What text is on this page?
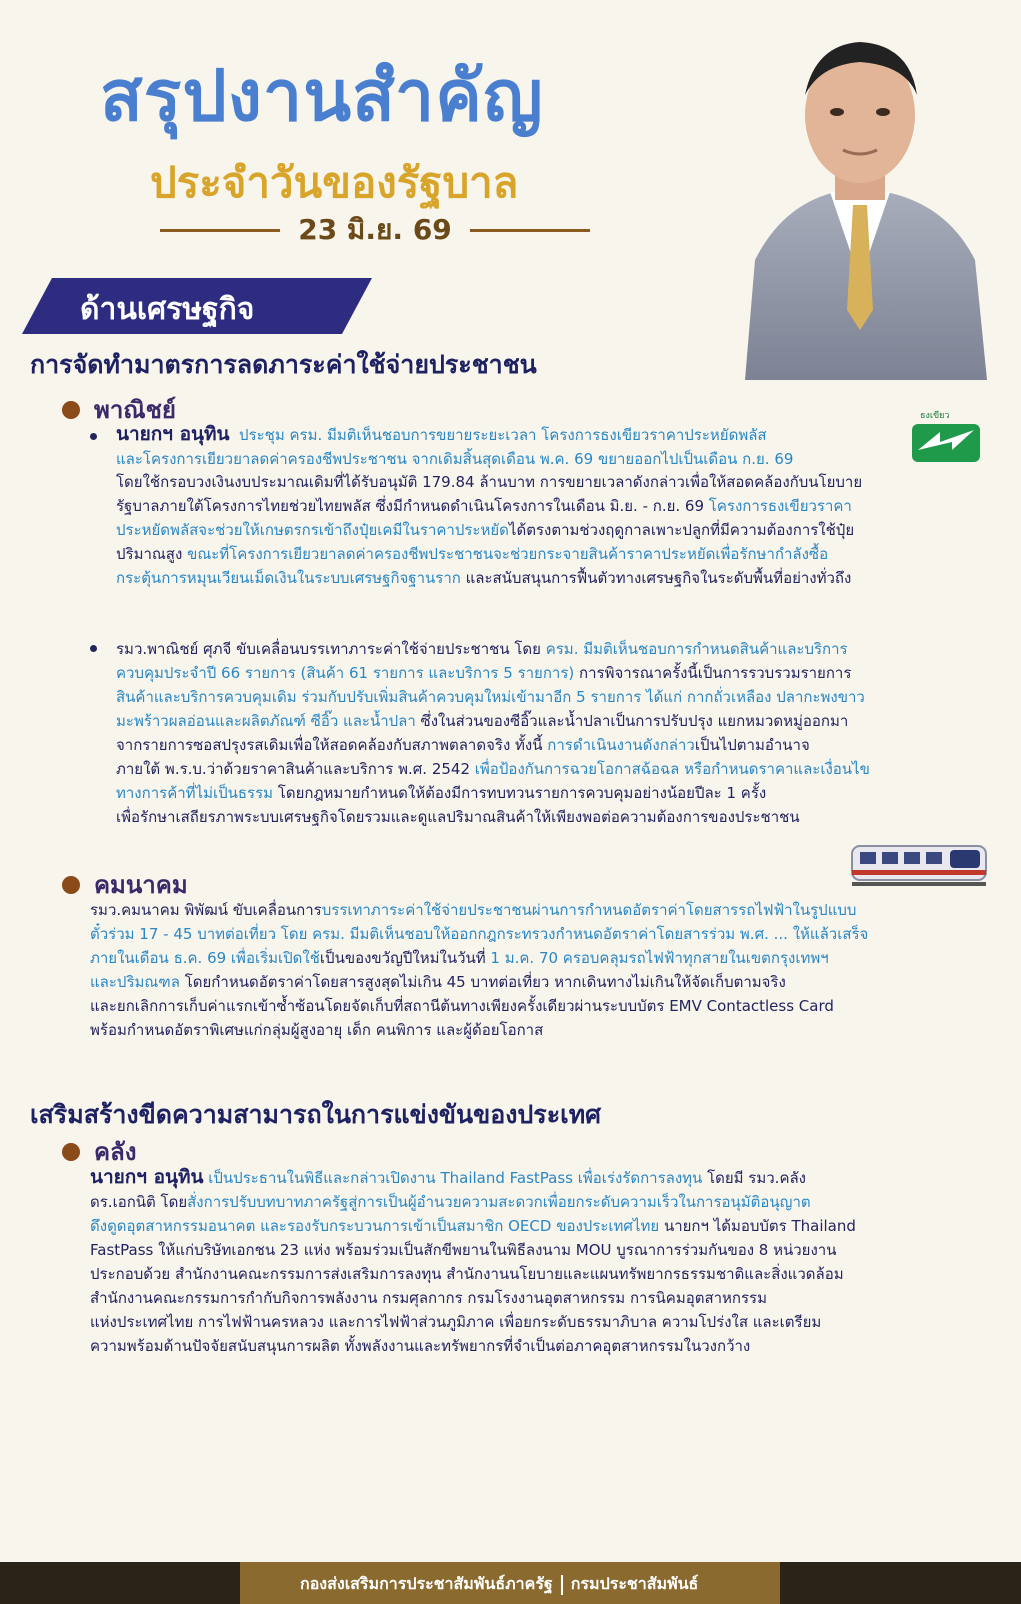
สรุปงานสำคัญ
ประจำวันของรัฐบาล
23 มิ.ย. 69
ด้านเศรษฐกิจ
การจัดทำมาตรการลดภาระค่าใช้จ่ายประชาชน
พาณิชย์	ธงเขียว
นายกฯ อนุทิน ประชุม ครม. มีมติเห็นชอบการขยายระยะเวลา โครงการธงเขียวราคาประหยัดพลัส
และโครงการเยียวยาลดค่าครองชีพประชาชน จากเดิมสิ้นสุดเดือน พ.ค. 69 ขยายออกไปเป็นเดือน ก.ย. 69
โดยใช้กรอบวงเงินงบประมาณเดิมที่ได้รับอนุมัติ 179.84 ล้านบาท การขยายเวลาดังกล่าวเพื่อให้สอดคล้องกับนโยบาย
รัฐบาลภายใต้โครงการไทยช่วยไทยพลัส ซึ่งมีกำหนดดำเนินโครงการในเดือน มิ.ย. - ก.ย. 69 โครงการธงเขียวราคา
ประหยัดพลัสจะช่วยให้เกษตรกรเข้าถึงปุ๋ยเคมีในราคาประหยัดได้ตรงตามช่วงฤดูกาลเพาะปลูกที่มีความต้องการใช้ปุ๋ย
ปริมาณสูง ขณะที่โครงการเยียวยาลดค่าครองชีพประชาชนจะช่วยกระจายสินค้าราคาประหยัดเพื่อรักษากำลังซื้อ
กระตุ้นการหมุนเวียนเม็ดเงินในระบบเศรษฐกิจฐานราก และสนับสนุนการฟื้นตัวทางเศรษฐกิจในระดับพื้นที่อย่างทั่วถึง
รมว.พาณิชย์ ศุภจี ขับเคลื่อนบรรเทาภาระค่าใช้จ่ายประชาชน โดย ครม. มีมติเห็นชอบการกำหนดสินค้าและบริการ
ควบคุมประจำปี 66 รายการ (สินค้า 61 รายการ และบริการ 5 รายการ) การพิจารณาครั้งนี้เป็นการรวบรวมรายการ
สินค้าและบริการควบคุมเดิม ร่วมกับปรับเพิ่มสินค้าควบคุมใหม่เข้ามาอีก 5 รายการ ได้แก่ กากถั่วเหลือง ปลากะพงขาว
มะพร้าวผลอ่อนและผลิตภัณฑ์ ซีอิ๊ว และน้ำปลา ซึ่งในส่วนของซีอิ๊วและน้ำปลาเป็นการปรับปรุง แยกหมวดหมู่ออกมา
จากรายการซอสปรุงรสเดิมเพื่อให้สอดคล้องกับสภาพตลาดจริง ทั้งนี้ การดำเนินงานดังกล่าวเป็นไปตามอำนาจ
ภายใต้ พ.ร.บ.ว่าด้วยราคาสินค้าและบริการ พ.ศ. 2542 เพื่อป้องกันการฉวยโอกาสฉ้อฉล หรือกำหนดราคาและเงื่อนไข
ทางการค้าที่ไม่เป็นธรรม โดยกฎหมายกำหนดให้ต้องมีการทบทวนรายการควบคุมอย่างน้อยปีละ 1 ครั้ง
เพื่อรักษาเสถียรภาพระบบเศรษฐกิจโดยรวมและดูแลปริมาณสินค้าให้เพียงพอต่อความต้องการของประชาชน
คมนาคม
รมว.คมนาคม พิพัฒน์ ขับเคลื่อนการบรรเทาภาระค่าใช้จ่ายประชาชนผ่านการกำหนดอัตราค่าโดยสารรถไฟฟ้าในรูปแบบ
ตั๋วร่วม 17 - 45 บาทต่อเที่ยว โดย ครม. มีมติเห็นชอบให้ออกกฎกระทรวงกำหนดอัตราค่าโดยสารร่วม พ.ศ. ... ให้แล้วเสร็จ
ภายในเดือน ธ.ค. 69 เพื่อเริ่มเปิดใช้เป็นของขวัญปีใหม่ในวันที่ 1 ม.ค. 70 ครอบคลุมรถไฟฟ้าทุกสายในเขตกรุงเทพฯ
และปริมณฑล โดยกำหนดอัตราค่าโดยสารสูงสุดไม่เกิน 45 บาทต่อเที่ยว หากเดินทางไม่เกินให้จัดเก็บตามจริง
และยกเลิกการเก็บค่าแรกเข้าซ้ำซ้อนโดยจัดเก็บที่สถานีต้นทางเพียงครั้งเดียวผ่านระบบบัตร EMV Contactless Card
พร้อมกำหนดอัตราพิเศษแก่กลุ่มผู้สูงอายุ เด็ก คนพิการ และผู้ด้อยโอกาส
เสริมสร้างขีดความสามารถในการแข่งขันของประเทศ
คลัง
นายกฯ อนุทิน เป็นประธานในพิธีและกล่าวเปิดงาน Thailand FastPass เพื่อเร่งรัดการลงทุน โดยมี รมว.คลัง
ดร.เอกนิติ โดยสั่งการปรับบทบาทภาครัฐสู่การเป็นผู้อำนวยความสะดวกเพื่อยกระดับความเร็วในการอนุมัติอนุญาต
ดึงดูดอุตสาหกรรมอนาคต และรองรับกระบวนการเข้าเป็นสมาชิก OECD ของประเทศไทย นายกฯ ได้มอบบัตร Thailand
FastPass ให้แก่บริษัทเอกชน 23 แห่ง พร้อมร่วมเป็นสักขีพยานในพิธีลงนาม MOU บูรณาการร่วมกันของ 8 หน่วยงาน
ประกอบด้วย สำนักงานคณะกรรมการส่งเสริมการลงทุน สำนักงานนโยบายและแผนทรัพยากรธรรมชาติและสิ่งแวดล้อม
สำนักงานคณะกรรมการกำกับกิจการพลังงาน กรมศุลกากร กรมโรงงานอุตสาหกรรม การนิคมอุตสาหกรรม
แห่งประเทศไทย การไฟฟ้านครหลวง และการไฟฟ้าส่วนภูมิภาค เพื่อยกระดับธรรมาภิบาล ความโปร่งใส และเตรียม
ความพร้อมด้านปัจจัยสนับสนุนการผลิต ทั้งพลังงานและทรัพยากรที่จำเป็นต่อภาคอุตสาหกรรมในวงกว้าง
กองส่งเสริมการประชาสัมพันธ์ภาครัฐ กรมประชาสัมพันธ์
